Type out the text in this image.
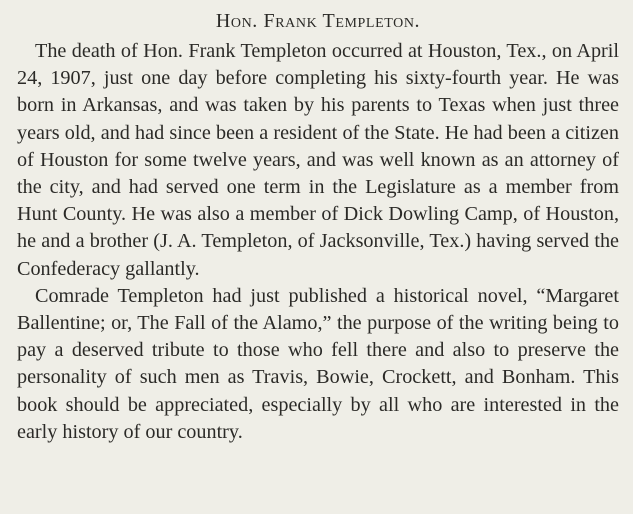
Hon. Frank Templeton.

The death of Hon. Frank Templeton occurred at Houston, Tex., on April 24, 1907, just one day before completing his sixty-fourth year. He was born in Arkansas, and was taken by his parents to Texas when just three years old, and had since been a resident of the State. He had been a citizen of Houston for some twelve years, and was well known as an attorney of the city, and had served one term in the Legislature as a member from Hunt County. He was also a member of Dick Dowling Camp, of Houston, he and a brother (J. A. Templeton, of Jacksonville, Tex.) having served the Confederacy gallantly.

Comrade Templeton had just published a historical novel, “Margaret Ballentine; or, The Fall of the Alamo,” the purpose of the writing being to pay a deserved tribute to those who fell there and also to preserve the personality of such men as Travis, Bowie, Crockett, and Bonham. This book should be appreciated, especially by all who are interested in the early history of our country.
